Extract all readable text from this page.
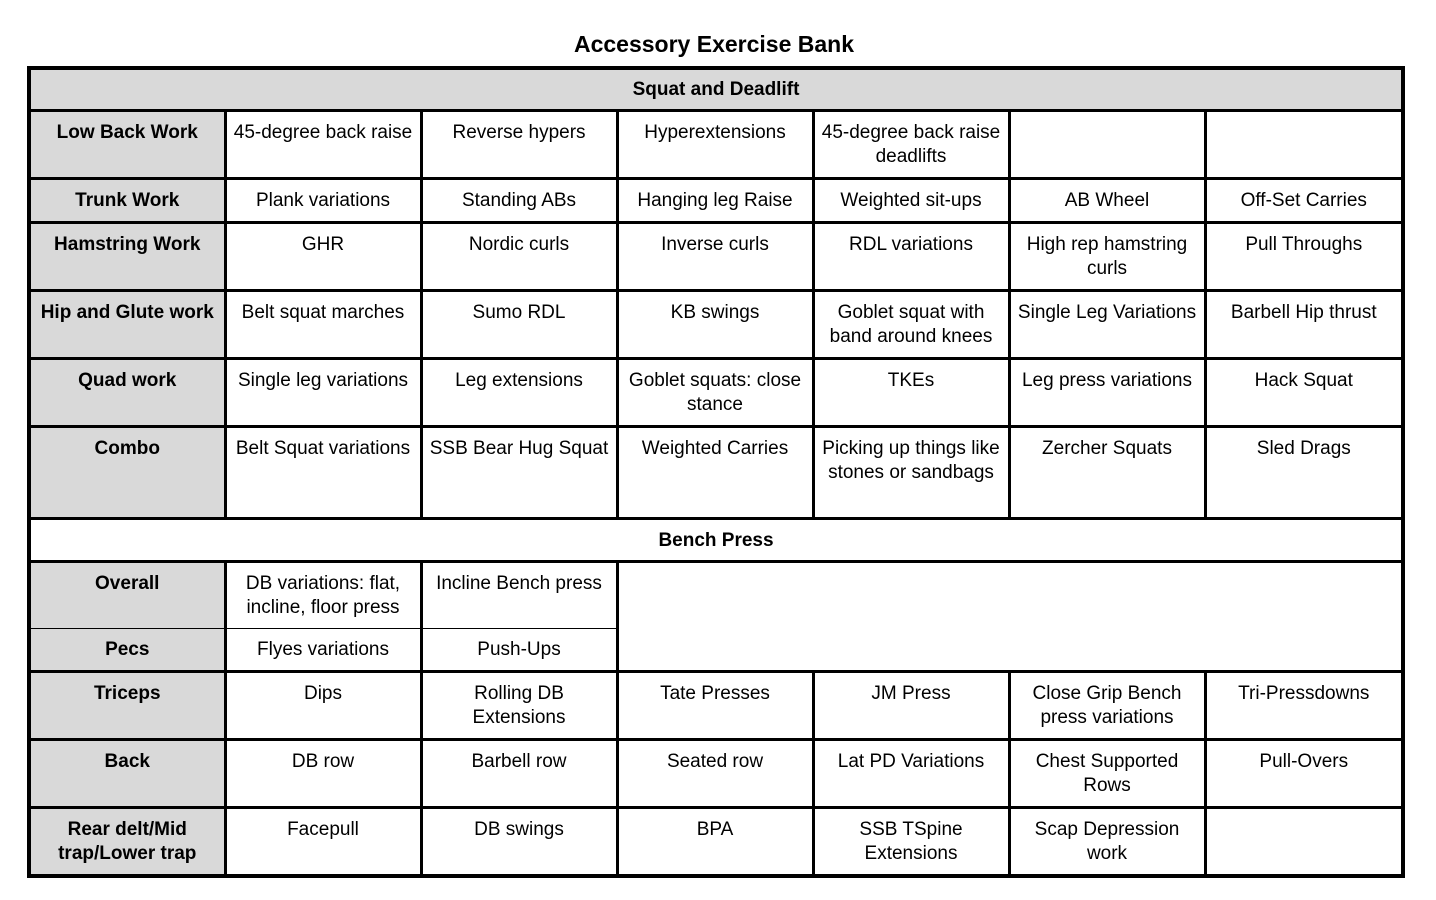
Accessory Exercise Bank
Squat and Deadlift						
Low Back Work	45-degree back raise	Reverse hypers	Hyperextensions	45-degree back raise deadlifts		
Trunk Work	Plank variations	Standing ABs	Hanging leg Raise	Weighted sit-ups	AB Wheel	Off-Set Carries
Hamstring Work	GHR	Nordic curls	Inverse curls	RDL variations	High rep hamstring curls	Pull Throughs
Hip and Glute work	Belt squat marches	Sumo RDL	KB swings	Goblet squat with band around knees	Single Leg Variations	Barbell Hip thrust
Quad work	Single leg variations	Leg extensions	Goblet squats: close stance	TKEs	Leg press variations	Hack Squat
Combo	Belt Squat variations	SSB Bear Hug Squat	Weighted Carries	Picking up things like stones or sandbags	Zercher Squats	Sled Drags
Bench Press						
Overall	DB variations: flat, incline, floor press	Incline Bench press				
Pecs	Flyes variations	Push-Ups				
Triceps	Dips	Rolling DB Extensions	Tate Presses	JM Press	Close Grip Bench press variations	Tri-Pressdowns
Back	DB row	Barbell row	Seated row	Lat PD Variations	Chest Supported Rows	Pull-Overs
Rear delt/Mid trap/Lower trap	Facepull	DB swings	BPA	SSB TSpine Extensions	Scap Depression work	
